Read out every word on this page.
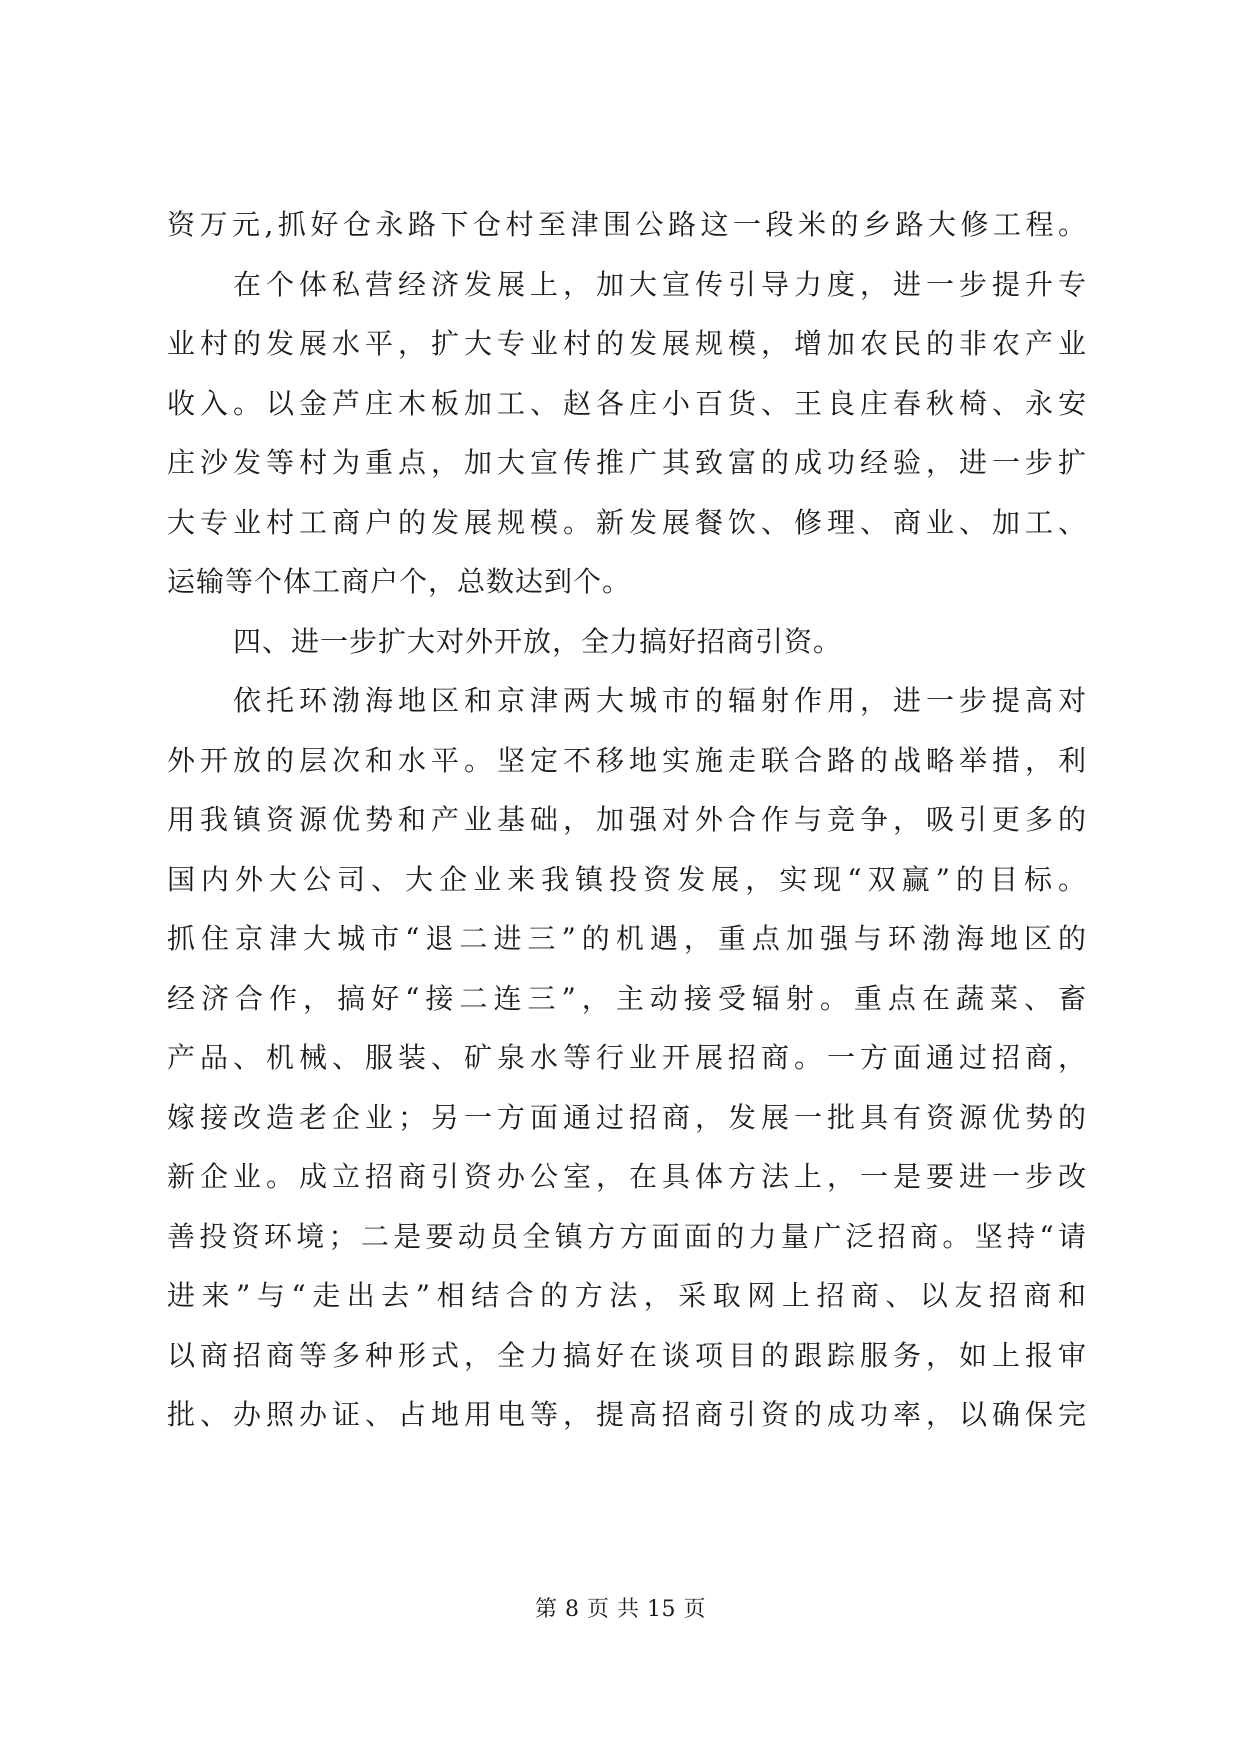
资万元,抓好仓永路下仓村至津围公路这一段米的乡路大修工程。
在个体私营经济发展上，加大宣传引导力度，进一步提升专
业村的发展水平，扩大专业村的发展规模，增加农民的非农产业
收入。以金芦庄木板加工、赵各庄小百货、王良庄春秋椅、永安
庄沙发等村为重点，加大宣传推广其致富的成功经验，进一步扩
大专业村工商户的发展规模。新发展餐饮、修理、商业、加工、
运输等个体工商户个，总数达到个。
四、进一步扩大对外开放，全力搞好招商引资。
依托环渤海地区和京津两大城市的辐射作用，进一步提高对
外开放的层次和水平。坚定不移地实施走联合路的战略举措，利
用我镇资源优势和产业基础，加强对外合作与竞争，吸引更多的
国内外大公司、大企业来我镇投资发展，实现“双赢”的目标。
抓住京津大城市“退二进三”的机遇，重点加强与环渤海地区的
经济合作，搞好“接二连三”，主动接受辐射。重点在蔬菜、畜
产品、机械、服装、矿泉水等行业开展招商。一方面通过招商，
嫁接改造老企业；另一方面通过招商，发展一批具有资源优势的
新企业。成立招商引资办公室，在具体方法上，一是要进一步改
善投资环境；二是要动员全镇方方面面的力量广泛招商。坚持“请
进来”与“走出去”相结合的方法，采取网上招商、以友招商和
以商招商等多种形式，全力搞好在谈项目的跟踪服务，如上报审
批、办照办证、占地用电等，提高招商引资的成功率，以确保完
第 8 页 共 15 页
